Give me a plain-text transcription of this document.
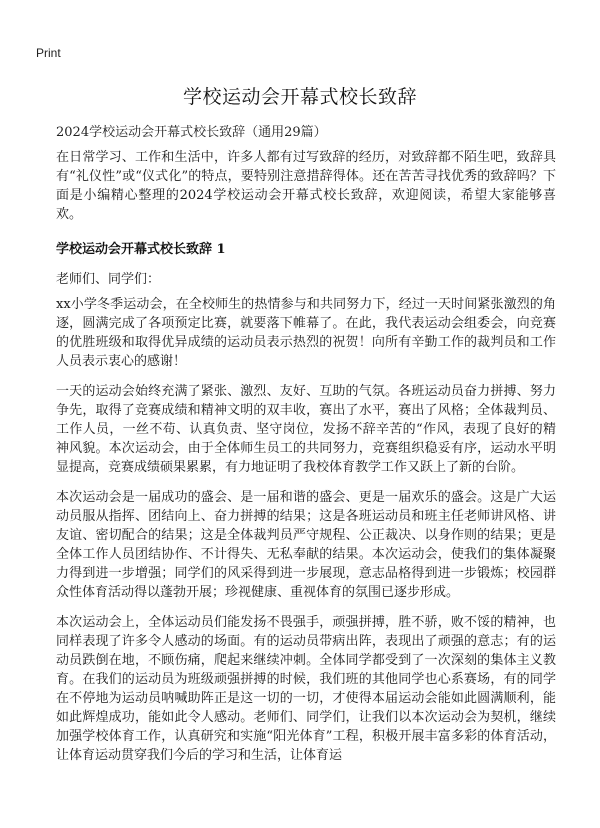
Print
学校运动会开幕式校长致辞

2024学校运动会开幕式校长致辞（通用29篇）

在日常学习、工作和生活中，许多人都有过写致辞的经历，对致辞都不陌生吧，致辞具有“礼仪性”或“仪式化”的特点，要特别注意措辞得体。还在苦苦寻找优秀的致辞吗？下面是小编精心整理的2024学校运动会开幕式校长致辞，欢迎阅读，希望大家能够喜欢。

学校运动会开幕式校长致辞 1

老师们、同学们：

xx小学冬季运动会，在全校师生的热情参与和共同努力下，经过一天时间紧张激烈的角逐，圆满完成了各项预定比赛，就要落下帷幕了。在此，我代表运动会组委会，向竞赛的优胜班级和取得优异成绩的运动员表示热烈的祝贺！向所有辛勤工作的裁判员和工作人员表示衷心的感谢！

一天的运动会始终充满了紧张、激烈、友好、互助的气氛。各班运动员奋力拼搏、努力争先，取得了竞赛成绩和精神文明的双丰收，赛出了水平，赛出了风格；全体裁判员、工作人员，一丝不苟、认真负责、坚守岗位，发扬不辞辛苦的“作风，表现了良好的精神风貌。本次运动会，由于全体师生员工的共同努力，竞赛组织稳妥有序，运动水平明显提高，竞赛成绩硕果累累，有力地证明了我校体育教学工作又跃上了新的台阶。

本次运动会是一届成功的盛会、是一届和谐的盛会、更是一届欢乐的盛会。这是广大运动员服从指挥、团结向上、奋力拼搏的结果；这是各班运动员和班主任老师讲风格、讲友谊、密切配合的结果；这是全体裁判员严守规程、公正裁决、以身作则的结果；更是全体工作人员团结协作、不计得失、无私奉献的结果。本次运动会，使我们的集体凝聚力得到进一步增强；同学们的风采得到进一步展现，意志品格得到进一步锻炼；校园群众性体育活动得以蓬勃开展；珍视健康、重视体育的氛围已逐步形成。

本次运动会上，全体运动员们能发扬不畏强手，顽强拼搏，胜不骄，败不馁的精神，也同样表现了许多令人感动的场面。有的运动员带病出阵，表现出了顽强的意志；有的运动员跌倒在地，不顾伤痛，爬起来继续冲刺。全体同学都受到了一次深刻的集体主义教育。在我们的运动员为班级顽强拼搏的时候，我们班的其他同学也心系赛场，有的同学在不停地为运动员呐喊助阵正是这一切的一切，才使得本届运动会能如此圆满顺利，能如此辉煌成功，能如此令人感动。老师们、同学们，让我们以本次运动会为契机，继续加强学校体育工作，认真研究和实施“阳光体育”工程，积极开展丰富多彩的体育活动，让体育运动贯穿我们今后的学习和生活，让体育运
